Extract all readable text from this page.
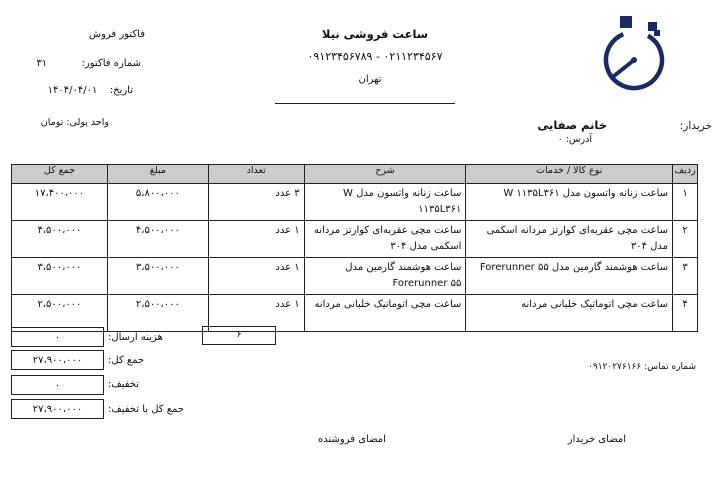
ساعت فروشی نیلا
۰۹۱۲۳۴۵۶۷۸۹ - ۰۲۱۱۲۳۴۵۶۷
تهران
فاکتور فروش
شماره فاکتور:  ۳۱
تاریخ:  ۱۴۰۴/۰۴/۰۱
واحد پولی: تومان	خریدار:
خانم صفایی
آدرس: ۰
ردیف	نوع کالا / خدمات	شرح	تعداد	مبلغ	جمع کل
۱	ساعت زنانه واتسون مدل W ۱۱۳۵L۳۶۱	ساعت زنانه واتسون مدل W ۱۱۳۵L۳۶۱	۳ عدد	۵،۸۰۰،۰۰۰	۱۷،۴۰۰،۰۰۰
۲	ساعت مچی عقربه‌ای کوارتز مردانه اسکمی مدل ۳۰۴	ساعت مچی عقربه‌ای کوارتز مردانه اسکمی مدل ۳۰۴	۱ عدد	۴،۵۰۰،۰۰۰	۴،۵۰۰،۰۰۰
۳	ساعت هوشمند گارمین مدل Forerunner ۵۵	ساعت هوشمند گارمین مدل Forerunner ۵۵	۱ عدد	۳،۵۰۰،۰۰۰	۳،۵۰۰،۰۰۰
۴	ساعت مچی اتوماتیک خلبانی مردانه	ساعت مچی اتوماتیک خلبانی مردانه	۱ عدد	۲،۵۰۰،۰۰۰	۲،۵۰۰،۰۰۰
۶
۰	هزینه ارسال:
۲۷،۹۰۰،۰۰۰	جمع کل:
۰	تخفیف:
۲۷،۹۰۰،۰۰۰	جمع کل با تخفیف:
شماره تماس: ۰۹۱۲۰۲۷۶۱۶۶
امضای خریدار
امضای فروشنده
